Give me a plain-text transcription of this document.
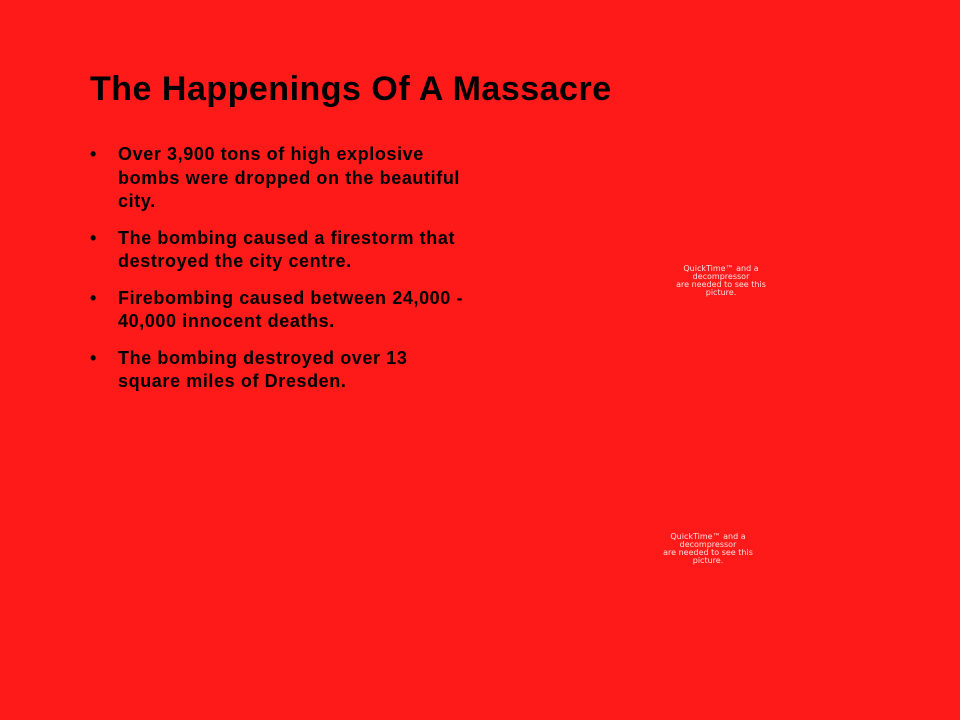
The Happenings Of A Massacre
• Over 3,900 tons of high explosive bombs were dropped on the beautiful city.
• The bombing caused a firestorm that destroyed the city centre.
• Firebombing caused between 24,000 - 40,000 innocent deaths.
• The bombing destroyed over 13 square miles of Dresden.
QuickTime™ and a
decompressor
are needed to see this picture.
QuickTime™ and a
decompressor
are needed to see this picture.
